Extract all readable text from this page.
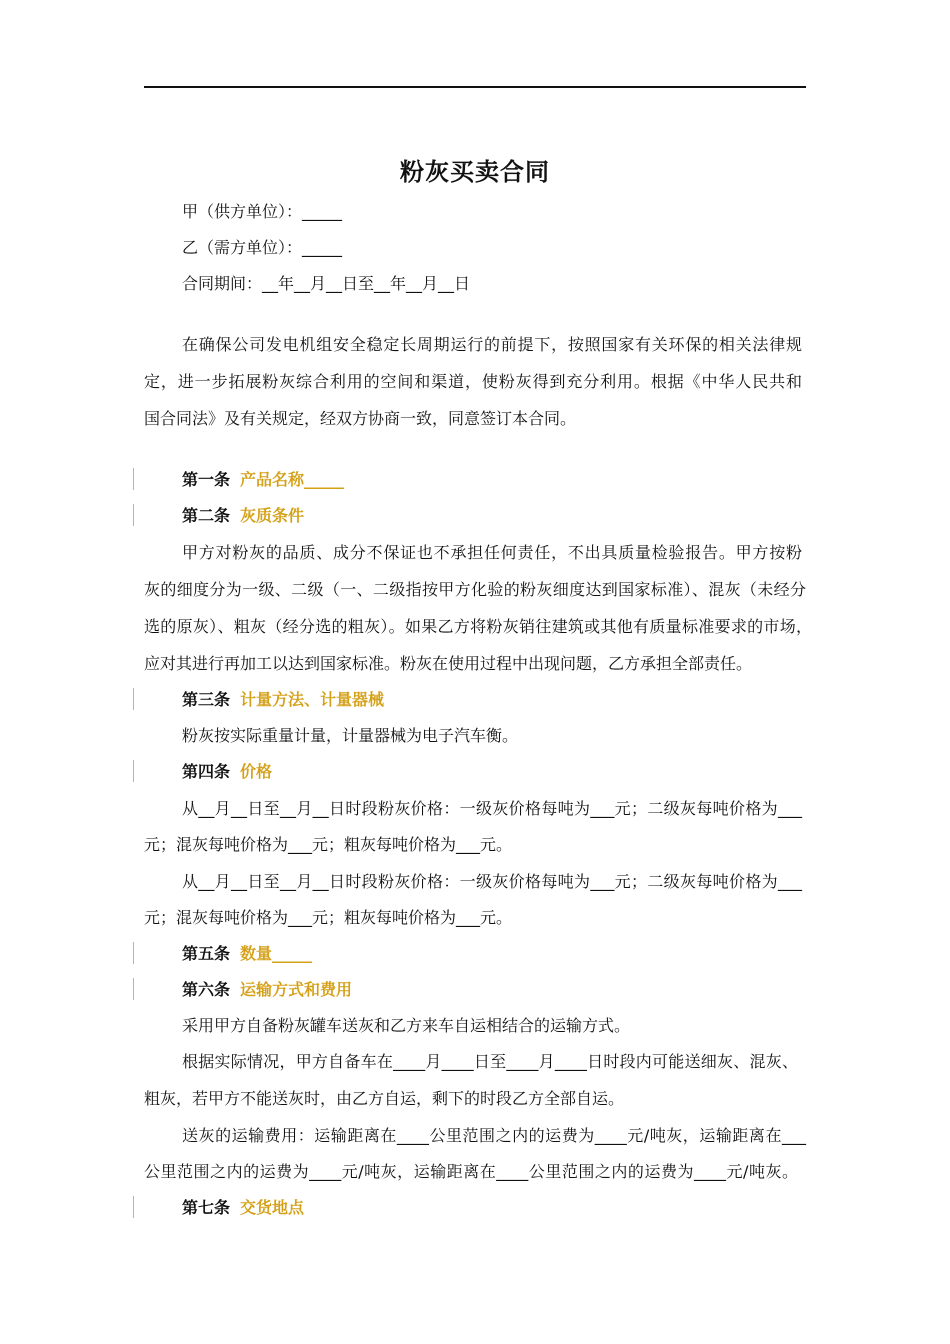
粉灰买卖合同
甲（供方单位）：_____
乙（需方单位）：_____
合同期间：__年__月__日至__年__月__日
在确保公司发电机组安全稳定长周期运行的前提下，按照国家有关环保的相关法律规
定，进一步拓展粉灰综合利用的空间和渠道，使粉灰得到充分利用。根据《中华人民共和
国合同法》及有关规定，经双方协商一致，同意签订本合同。
第一条 产品名称_____
第二条 灰质条件
甲方对粉灰的品质、成分不保证也不承担任何责任，不出具质量检验报告。甲方按粉
灰的细度分为一级、二级（一、二级指按甲方化验的粉灰细度达到国家标准）、混灰（未经分
选的原灰）、粗灰（经分选的粗灰）。如果乙方将粉灰销往建筑或其他有质量标准要求的市场，
应对其进行再加工以达到国家标准。粉灰在使用过程中出现问题，乙方承担全部责任。
第三条 计量方法、计量器械
粉灰按实际重量计量，计量器械为电子汽车衡。
第四条 价格
从__月__日至__月__日时段粉灰价格：一级灰价格每吨为___元；二级灰每吨价格为___
元；混灰每吨价格为___元；粗灰每吨价格为___元。
从__月__日至__月__日时段粉灰价格：一级灰价格每吨为___元；二级灰每吨价格为___
元；混灰每吨价格为___元；粗灰每吨价格为___元。
第五条 数量_____
第六条 运输方式和费用
采用甲方自备粉灰罐车送灰和乙方来车自运相结合的运输方式。
根据实际情况，甲方自备车在____月____日至____月____日时段内可能送细灰、混灰、
粗灰，若甲方不能送灰时，由乙方自运，剩下的时段乙方全部自运。
送灰的运输费用：运输距离在____公里范围之内的运费为____元/吨灰，运输距离在___
公里范围之内的运费为____元/吨灰，运输距离在____公里范围之内的运费为____元/吨灰。
第七条 交货地点
